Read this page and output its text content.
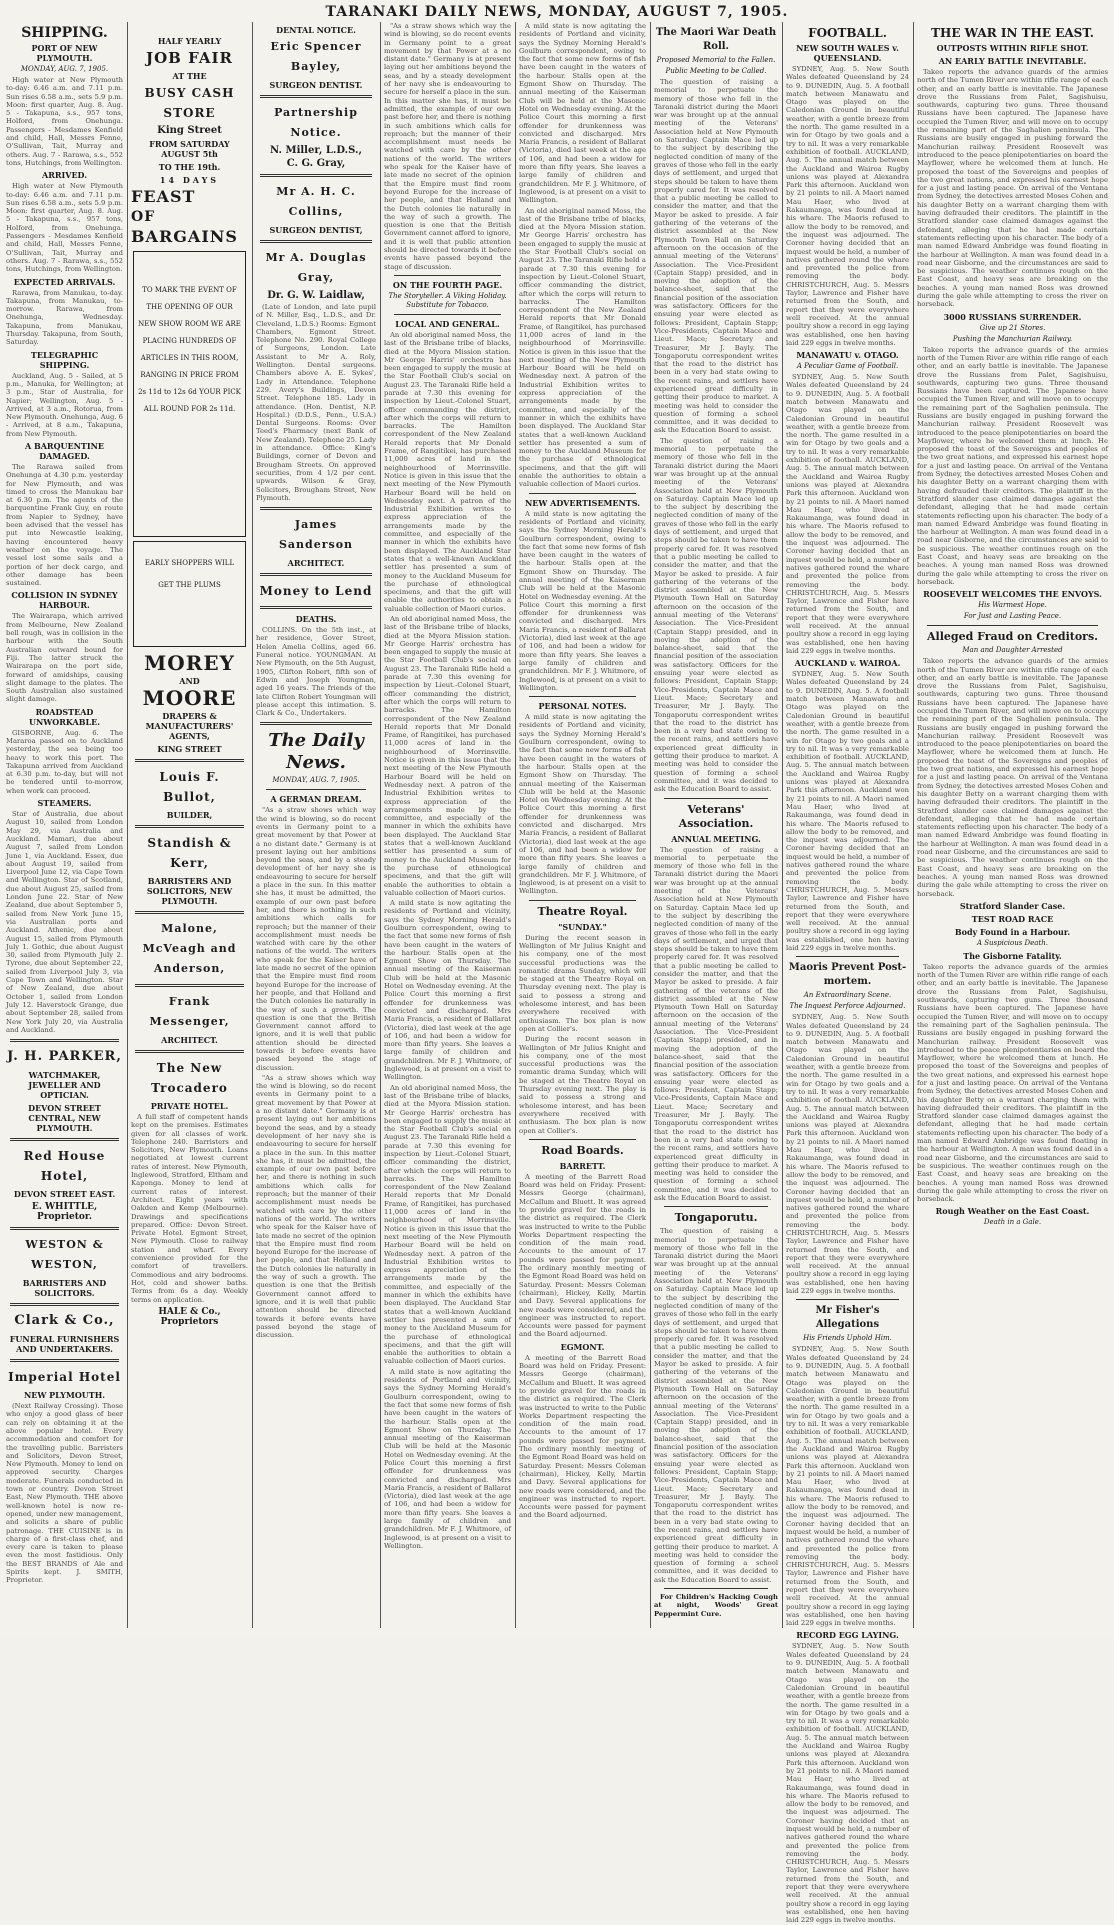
TARANAKI DAILY NEWS, MONDAY, AUGUST 7, 1905.
SHIPPING.
PORT OF NEW PLYMOUTH.
MONDAY, AUG. 7, 1905.
High water at New Plymouth to-day: 6.46 a.m. and 7.11 p.m. Sun rises 6.58 a.m., sets 5.9 p.m. Moon: first quarter, Aug. 8. Aug. 5 - Takapuna, s.s., 957 tons, Holford, from Onehunga. Passengers - Mesdames Kenfield and child, Hall, Messrs Fenne, O'Sullivan, Tait, Murray and others. Aug. 7 - Rarawa, s.s., 552 tons, Hutchings, from Wellington.
ARRIVED.
High water at New Plymouth to-day: 6.46 a.m. and 7.11 p.m. Sun rises 6.58 a.m., sets 5.9 p.m. Moon: first quarter, Aug. 8. Aug. 5 - Takapuna, s.s., 957 tons, Holford, from Onehunga. Passengers - Mesdames Kenfield and child, Hall, Messrs Fenne, O'Sullivan, Tait, Murray and others. Aug. 7 - Rarawa, s.s., 552 tons, Hutchings, from Wellington.
EXPECTED ARRIVALS.
Rarawa, from Manukau, to-day. Takapuna, from Manukau, to-morrow. Rarawa, from Onehunga, Wednesday. Takapuna, from Manukau, Thursday. Takapuna, from South, Saturday.
TELEGRAPHIC SHIPPING.
Auckland, Aug. 5 - Sailed, at 5 p.m., Manuka, for Wellington; at 3 p.m., Star of Australia, for Napier; Wellington, Aug. 5 - Arrived, at 3 a.m., Rotorua, from New Plymouth. Onehunga, Aug. 6 - Arrived, at 8 a.m., Takapuna, from New Plymouth.
A BARQUENTINE DAMAGED.
The Rarawa sailed from Onehunga at 4.30 p.m. yesterday for New Plymouth, and was timed to cross the Manukau bar at 6.30 p.m. The agents of the barquentine Frank Guy, en route from Napier to Sydney, have been advised that the vessel has put into Newcastle leaking, having encountered heavy weather on the voyage. The vessel lost some sails and a portion of her deck cargo, and other damage has been sustained.
COLLISION IN SYDNEY HARBOUR.
The Wairarapa, which arrived from Melbourne, New Zealand bell rough, was in collision in the harbour with the South Australian outward bound for Fiji. The latter struck the Wairarapa on the port side, forward of amidships, causing slight damage to the plates. The South Australian also sustained slight damage.
ROADSTEAD UNWORKABLE.
GISBORNE, Aug. 6. The Mararoa passed on to Auckland yesterday, the sea being too heavy to work this port. The Takapuna arrived from Auckland at 6.30 p.m. to-day, but will not be tendered until to-morrow, when work can proceed.
STEAMERS.
Star of Australia, due about August 10, sailed from London May 29, via Australia and Auckland. Mamari, due about August 7, sailed from London June 1, via Auckland. Essex, due about August 19, sailed from Liverpool June 12, via Cape Town and Wellington. Star of Scotland, due about August 25, sailed from London June 22. Star of New Zealand, due about September 5, sailed from New York June 15, via Australian ports and Auckland. Athenic, due about August 15, sailed from Plymouth July 1. Gothic, due about August 30, sailed from Plymouth July 2. Tyrone, due about September 22, sailed from Liverpool July 3, via Cape Town and Wellington. Star of New Zealand, due about October 1, sailed from London July 12. Haverstock Grange, due about September 28, sailed from New York July 20, via Australia and Auckland.
J. H. PARKER,
WATCHMAKER, JEWELLER AND OPTICIAN.
DEVON STREET CENTRAL, NEW PLYMOUTH.
Red House Hotel,
DEVON STREET EAST.
E. WHITTLE, Proprietor.
WESTON & WESTON,
BARRISTERS AND SOLICITORS.
Clark & Co.,
FUNERAL FURNISHERS AND UNDERTAKERS.
Imperial Hotel
NEW PLYMOUTH.
(Next Railway Crossing). Those who enjoy a good glass of beer can rely on obtaining it at the above popular hotel. Every accommodation and comfort for the travelling public. Barristers and Solicitors, Devon Street, New Plymouth. Money to lend on approved security. Charges moderate. Funerals conducted in town or country. Devon Street East, New Plymouth. THE above well-known hotel is now re-opened, under new management, and solicits a share of public patronage. THE CUISINE is in charge of a first-class chef, and every care is taken to please even the most fastidious. Only the BEST BRANDS of Ale and Spirits kept. J. SMITH, Proprietor.
HALF YEARLY
JOB FAIR
AT THE
BUSY CASH STORE
King Street
FROM SATURDAY AUGUST 5th
TO THE 19th.
14 DAYS
FEAST
OF
BARGAINS
TO MARK THE EVENT OF THE OPENING OF OUR NEW SHOW ROOM WE ARE PLACING HUNDREDS OF ARTICLES IN THIS ROOM, RANGING IN PRICE FROM 2s 11d to 12s 6d YOUR PICK ALL ROUND FOR 2s 11d.
EARLY SHOPPERS WILL GET THE PLUMS
MOREY
AND
MOORE
DRAPERS & MANUFACTURERS' AGENTS,
KING STREET
Louis F. Bullot,
BUILDER,
Standish & Kerr,
BARRISTERS AND SOLICITORS, NEW PLYMOUTH.
Malone, McVeagh and Anderson,
Frank Messenger,
ARCHITECT.
The New Trocadero
PRIVATE HOTEL.
A full staff of competent hands kept on the premises. Estimates given for all classes of work. Telephone 240. Barristers and Solicitors, New Plymouth. Loans negotiated at lowest current rates of interest. New Plymouth, Inglewood, Stratford, Eltham and Kaponga. Money to lend at current rates of interest. Architect. Eight years with Oakden and Kemp (Melbourne). Drawings and specifications prepared. Office: Devon Street. Private Hotel. Egmont Street, New Plymouth. Close to railway station and wharf. Every convenience provided for the comfort of travellers. Commodious and airy bedrooms. Hot, cold and shower baths. Terms from 6s a day. Weekly terms on application.
HALE & Co., Proprietors
DENTAL NOTICE.
Eric Spencer Bayley,
SURGEON DENTIST.
Partnership Notice.
N. Miller, L.D.S.,
C. G. Gray,
Mr A. H. C. Collins,
SURGEON DENTIST,
Mr A. Douglas Gray,
Dr. G. W. Laidlaw,
(Late of London, and late pupil of N. Miller, Esq., L.D.S., and Dr. Cleveland, L.D.S.) Rooms: Egmont Chambers, Egmont Street. Telephone No. 290. Royal College of Surgeons, London. Late Assistant to Mr A. Roly, Wellington. Dental surgeons. Chambers above A. E. Sykes', Lady in Attendance. Telephone 229. Avery's Buildings, Devon Street. Telephone 185. Lady in attendance. (Hon. Dentist, N.P. Hospital.) (D.D.S., Penn., U.S.A.) Dental Surgeons. Rooms: Over Teed's Pharmacy (next Bank of New Zealand). Telephone 25. Lady in attendance. Office: King's Buildings, corner of Devon and Brougham Streets. On approved securities, from 4 1/2 per cent. upwards. Wilson & Gray, Solicitors, Brougham Street, New Plymouth.
James Sanderson
ARCHITECT.
Money to Lend
DEATHS.
COLLINS. On the 5th inst., at her residence, Gover Street, Helen Amelia Collins, aged 66. Funeral notice. YOUNGMAN. At New Plymouth, on the 5th August, 1905, Clifton Robert, fifth son of Edwin and Joseph Youngman, aged 16 years. The friends of the late Clifton Robert Youngman will please accept this intimation. S. Clark & Co., Undertakers.
The Daily News.
MONDAY, AUG. 7, 1905.
A GERMAN DREAM.
"As a straw shows which way the wind is blowing, so do recent events in Germany point to a great movement by that Power at a no distant date." Germany is at present laying out her ambitions beyond the seas, and by a steady development of her navy she is endeavouring to secure for herself a place in the sun. In this matter she has, it must be admitted, the example of our own past before her, and there is nothing in such ambitions which calls for reproach; but the manner of their accomplishment must needs be watched with care by the other nations of the world. The writers who speak for the Kaiser have of late made no secret of the opinion that the Empire must find room beyond Europe for the increase of her people, and that Holland and the Dutch colonies lie naturally in the way of such a growth. The question is one that the British Government cannot afford to ignore, and it is well that public attention should be directed towards it before events have passed beyond the stage of discussion.
"As a straw shows which way the wind is blowing, so do recent events in Germany point to a great movement by that Power at a no distant date." Germany is at present laying out her ambitions beyond the seas, and by a steady development of her navy she is endeavouring to secure for herself a place in the sun. In this matter she has, it must be admitted, the example of our own past before her, and there is nothing in such ambitions which calls for reproach; but the manner of their accomplishment must needs be watched with care by the other nations of the world. The writers who speak for the Kaiser have of late made no secret of the opinion that the Empire must find room beyond Europe for the increase of her people, and that Holland and the Dutch colonies lie naturally in the way of such a growth. The question is one that the British Government cannot afford to ignore, and it is well that public attention should be directed towards it before events have passed beyond the stage of discussion.
"As a straw shows which way the wind is blowing, so do recent events in Germany point to a great movement by that Power at a no distant date." Germany is at present laying out her ambitions beyond the seas, and by a steady development of her navy she is endeavouring to secure for herself a place in the sun. In this matter she has, it must be admitted, the example of our own past before her, and there is nothing in such ambitions which calls for reproach; but the manner of their accomplishment must needs be watched with care by the other nations of the world. The writers who speak for the Kaiser have of late made no secret of the opinion that the Empire must find room beyond Europe for the increase of her people, and that Holland and the Dutch colonies lie naturally in the way of such a growth. The question is one that the British Government cannot afford to ignore, and it is well that public attention should be directed towards it before events have passed beyond the stage of discussion.
ON THE FOURTH PAGE.
The Storyteller. A Viking Holiday. Substitute for Tobacco.
LOCAL AND GENERAL.
An old aboriginal named Moss, the last of the Brisbane tribe of blacks, died at the Myora Mission station. Mr George Harris' orchestra has been engaged to supply the music at the Star Football Club's social on August 23. The Taranaki Rifle held a parade at 7.30 this evening for inspection by Lieut.-Colonel Stuart, officer commanding the district, after which the corps will return to barracks. The Hamilton correspondent of the New Zealand Herald reports that Mr Donald Frame, of Rangitikei, has purchased 11,000 acres of land in the neighbourhood of Morrinsville. Notice is given in this issue that the next meeting of the New Plymouth Harbour Board will be held on Wednesday next. A patron of the Industrial Exhibition writes to express appreciation of the arrangements made by the committee, and especially of the manner in which the exhibits have been displayed. The Auckland Star states that a well-known Auckland settler has presented a sum of money to the Auckland Museum for the purchase of ethnological specimens, and that the gift will enable the authorities to obtain a valuable collection of Maori curios.
An old aboriginal named Moss, the last of the Brisbane tribe of blacks, died at the Myora Mission station. Mr George Harris' orchestra has been engaged to supply the music at the Star Football Club's social on August 23. The Taranaki Rifle held a parade at 7.30 this evening for inspection by Lieut.-Colonel Stuart, officer commanding the district, after which the corps will return to barracks. The Hamilton correspondent of the New Zealand Herald reports that Mr Donald Frame, of Rangitikei, has purchased 11,000 acres of land in the neighbourhood of Morrinsville. Notice is given in this issue that the next meeting of the New Plymouth Harbour Board will be held on Wednesday next. A patron of the Industrial Exhibition writes to express appreciation of the arrangements made by the committee, and especially of the manner in which the exhibits have been displayed. The Auckland Star states that a well-known Auckland settler has presented a sum of money to the Auckland Museum for the purchase of ethnological specimens, and that the gift will enable the authorities to obtain a valuable collection of Maori curios.
A mild state is now agitating the residents of Portland and vicinity, says the Sydney Morning Herald's Goulburn correspondent, owing to the fact that some new forms of fish have been caught in the waters of the harbour. Stalls open at the Egmont Show on Thursday. The annual meeting of the Kaiserman Club will be held at the Masonic Hotel on Wednesday evening. At the Police Court this morning a first offender for drunkenness was convicted and discharged. Mrs Maria Francis, a resident of Ballarat (Victoria), died last week at the age of 106, and had been a widow for more than fifty years. She leaves a large family of children and grandchildren. Mr F. J. Whitmore, of Inglewood, is at present on a visit to Wellington.
An old aboriginal named Moss, the last of the Brisbane tribe of blacks, died at the Myora Mission station. Mr George Harris' orchestra has been engaged to supply the music at the Star Football Club's social on August 23. The Taranaki Rifle held a parade at 7.30 this evening for inspection by Lieut.-Colonel Stuart, officer commanding the district, after which the corps will return to barracks. The Hamilton correspondent of the New Zealand Herald reports that Mr Donald Frame, of Rangitikei, has purchased 11,000 acres of land in the neighbourhood of Morrinsville. Notice is given in this issue that the next meeting of the New Plymouth Harbour Board will be held on Wednesday next. A patron of the Industrial Exhibition writes to express appreciation of the arrangements made by the committee, and especially of the manner in which the exhibits have been displayed. The Auckland Star states that a well-known Auckland settler has presented a sum of money to the Auckland Museum for the purchase of ethnological specimens, and that the gift will enable the authorities to obtain a valuable collection of Maori curios.
A mild state is now agitating the residents of Portland and vicinity, says the Sydney Morning Herald's Goulburn correspondent, owing to the fact that some new forms of fish have been caught in the waters of the harbour. Stalls open at the Egmont Show on Thursday. The annual meeting of the Kaiserman Club will be held at the Masonic Hotel on Wednesday evening. At the Police Court this morning a first offender for drunkenness was convicted and discharged. Mrs Maria Francis, a resident of Ballarat (Victoria), died last week at the age of 106, and had been a widow for more than fifty years. She leaves a large family of children and grandchildren. Mr F. J. Whitmore, of Inglewood, is at present on a visit to Wellington.
A mild state is now agitating the residents of Portland and vicinity, says the Sydney Morning Herald's Goulburn correspondent, owing to the fact that some new forms of fish have been caught in the waters of the harbour. Stalls open at the Egmont Show on Thursday. The annual meeting of the Kaiserman Club will be held at the Masonic Hotel on Wednesday evening. At the Police Court this morning a first offender for drunkenness was convicted and discharged. Mrs Maria Francis, a resident of Ballarat (Victoria), died last week at the age of 106, and had been a widow for more than fifty years. She leaves a large family of children and grandchildren. Mr F. J. Whitmore, of Inglewood, is at present on a visit to Wellington.
An old aboriginal named Moss, the last of the Brisbane tribe of blacks, died at the Myora Mission station. Mr George Harris' orchestra has been engaged to supply the music at the Star Football Club's social on August 23. The Taranaki Rifle held a parade at 7.30 this evening for inspection by Lieut.-Colonel Stuart, officer commanding the district, after which the corps will return to barracks. The Hamilton correspondent of the New Zealand Herald reports that Mr Donald Frame, of Rangitikei, has purchased 11,000 acres of land in the neighbourhood of Morrinsville. Notice is given in this issue that the next meeting of the New Plymouth Harbour Board will be held on Wednesday next. A patron of the Industrial Exhibition writes to express appreciation of the arrangements made by the committee, and especially of the manner in which the exhibits have been displayed. The Auckland Star states that a well-known Auckland settler has presented a sum of money to the Auckland Museum for the purchase of ethnological specimens, and that the gift will enable the authorities to obtain a valuable collection of Maori curios.
NEW ADVERTISEMENTS.
A mild state is now agitating the residents of Portland and vicinity, says the Sydney Morning Herald's Goulburn correspondent, owing to the fact that some new forms of fish have been caught in the waters of the harbour. Stalls open at the Egmont Show on Thursday. The annual meeting of the Kaiserman Club will be held at the Masonic Hotel on Wednesday evening. At the Police Court this morning a first offender for drunkenness was convicted and discharged. Mrs Maria Francis, a resident of Ballarat (Victoria), died last week at the age of 106, and had been a widow for more than fifty years. She leaves a large family of children and grandchildren. Mr F. J. Whitmore, of Inglewood, is at present on a visit to Wellington.
PERSONAL NOTES.
A mild state is now agitating the residents of Portland and vicinity, says the Sydney Morning Herald's Goulburn correspondent, owing to the fact that some new forms of fish have been caught in the waters of the harbour. Stalls open at the Egmont Show on Thursday. The annual meeting of the Kaiserman Club will be held at the Masonic Hotel on Wednesday evening. At the Police Court this morning a first offender for drunkenness was convicted and discharged. Mrs Maria Francis, a resident of Ballarat (Victoria), died last week at the age of 106, and had been a widow for more than fifty years. She leaves a large family of children and grandchildren. Mr F. J. Whitmore, of Inglewood, is at present on a visit to Wellington.
Theatre Royal.
"SUNDAY."
During the recent season in Wellington of Mr Julius Knight and his company, one of the most successful productions was the romantic drama Sunday, which will be staged at the Theatre Royal on Thursday evening next. The play is said to possess a strong and wholesome interest, and has been everywhere received with enthusiasm. The box plan is now open at Collier's.
During the recent season in Wellington of Mr Julius Knight and his company, one of the most successful productions was the romantic drama Sunday, which will be staged at the Theatre Royal on Thursday evening next. The play is said to possess a strong and wholesome interest, and has been everywhere received with enthusiasm. The box plan is now open at Collier's.
Road Boards.
BARRETT.
A meeting of the Barrett Road Board was held on Friday. Present: Messrs George (chairman), McCallum and Bluett. It was agreed to provide gravel for the roads in the district as required. The Clerk was instructed to write to the Public Works Department respecting the condition of the main road. Accounts to the amount of 17 pounds were passed for payment. The ordinary monthly meeting of the Egmont Road Board was held on Saturday. Present: Messrs Coleman (chairman), Hickey, Kelly, Martin and Davy. Several applications for new roads were considered, and the engineer was instructed to report. Accounts were passed for payment and the Board adjourned.
EGMONT.
A meeting of the Barrett Road Board was held on Friday. Present: Messrs George (chairman), McCallum and Bluett. It was agreed to provide gravel for the roads in the district as required. The Clerk was instructed to write to the Public Works Department respecting the condition of the main road. Accounts to the amount of 17 pounds were passed for payment. The ordinary monthly meeting of the Egmont Road Board was held on Saturday. Present: Messrs Coleman (chairman), Hickey, Kelly, Martin and Davy. Several applications for new roads were considered, and the engineer was instructed to report. Accounts were passed for payment and the Board adjourned.
The Maori War Death Roll.
Proposed Memorial to the Fallen.
Public Meeting to be Called.
The question of raising a memorial to perpetuate the memory of those who fell in the Taranaki district during the Maori war was brought up at the annual meeting of the Veterans' Association held at New Plymouth on Saturday. Captain Mace led up to the subject by describing the neglected condition of many of the graves of those who fell in the early days of settlement, and urged that steps should be taken to have them properly cared for. It was resolved that a public meeting be called to consider the matter, and that the Mayor be asked to preside. A fair gathering of the veterans of the district assembled at the New Plymouth Town Hall on Saturday afternoon on the occasion of the annual meeting of the Veterans' Association. The Vice-President (Captain Stapp) presided, and in moving the adoption of the balance-sheet, said that the financial position of the association was satisfactory. Officers for the ensuing year were elected as follows: President, Captain Stapp; Vice-Presidents, Captain Mace and Lieut. Mace; Secretary and Treasurer, Mr J. Bayly. The Tongaporutu correspondent writes that the road to the district has been in a very bad state owing to the recent rains, and settlers have experienced great difficulty in getting their produce to market. A meeting was held to consider the question of forming a school committee, and it was decided to ask the Education Board to assist.
The question of raising a memorial to perpetuate the memory of those who fell in the Taranaki district during the Maori war was brought up at the annual meeting of the Veterans' Association held at New Plymouth on Saturday. Captain Mace led up to the subject by describing the neglected condition of many of the graves of those who fell in the early days of settlement, and urged that steps should be taken to have them properly cared for. It was resolved that a public meeting be called to consider the matter, and that the Mayor be asked to preside. A fair gathering of the veterans of the district assembled at the New Plymouth Town Hall on Saturday afternoon on the occasion of the annual meeting of the Veterans' Association. The Vice-President (Captain Stapp) presided, and in moving the adoption of the balance-sheet, said that the financial position of the association was satisfactory. Officers for the ensuing year were elected as follows: President, Captain Stapp; Vice-Presidents, Captain Mace and Lieut. Mace; Secretary and Treasurer, Mr J. Bayly. The Tongaporutu correspondent writes that the road to the district has been in a very bad state owing to the recent rains, and settlers have experienced great difficulty in getting their produce to market. A meeting was held to consider the question of forming a school committee, and it was decided to ask the Education Board to assist.
Veterans' Association.
ANNUAL MEETING.
The question of raising a memorial to perpetuate the memory of those who fell in the Taranaki district during the Maori war was brought up at the annual meeting of the Veterans' Association held at New Plymouth on Saturday. Captain Mace led up to the subject by describing the neglected condition of many of the graves of those who fell in the early days of settlement, and urged that steps should be taken to have them properly cared for. It was resolved that a public meeting be called to consider the matter, and that the Mayor be asked to preside. A fair gathering of the veterans of the district assembled at the New Plymouth Town Hall on Saturday afternoon on the occasion of the annual meeting of the Veterans' Association. The Vice-President (Captain Stapp) presided, and in moving the adoption of the balance-sheet, said that the financial position of the association was satisfactory. Officers for the ensuing year were elected as follows: President, Captain Stapp; Vice-Presidents, Captain Mace and Lieut. Mace; Secretary and Treasurer, Mr J. Bayly. The Tongaporutu correspondent writes that the road to the district has been in a very bad state owing to the recent rains, and settlers have experienced great difficulty in getting their produce to market. A meeting was held to consider the question of forming a school committee, and it was decided to ask the Education Board to assist.
Tongaporutu.
The question of raising a memorial to perpetuate the memory of those who fell in the Taranaki district during the Maori war was brought up at the annual meeting of the Veterans' Association held at New Plymouth on Saturday. Captain Mace led up to the subject by describing the neglected condition of many of the graves of those who fell in the early days of settlement, and urged that steps should be taken to have them properly cared for. It was resolved that a public meeting be called to consider the matter, and that the Mayor be asked to preside. A fair gathering of the veterans of the district assembled at the New Plymouth Town Hall on Saturday afternoon on the occasion of the annual meeting of the Veterans' Association. The Vice-President (Captain Stapp) presided, and in moving the adoption of the balance-sheet, said that the financial position of the association was satisfactory. Officers for the ensuing year were elected as follows: President, Captain Stapp; Vice-Presidents, Captain Mace and Lieut. Mace; Secretary and Treasurer, Mr J. Bayly. The Tongaporutu correspondent writes that the road to the district has been in a very bad state owing to the recent rains, and settlers have experienced great difficulty in getting their produce to market. A meeting was held to consider the question of forming a school committee, and it was decided to ask the Education Board to assist.
For Children's Hacking Cough at night, Woods' Great Peppermint Cure.
FOOTBALL.
NEW SOUTH WALES v. QUEENSLAND.
SYDNEY, Aug. 5. New South Wales defeated Queensland by 24 to 9. DUNEDIN, Aug. 5. A football match between Manawatu and Otago was played on the Caledonian Ground in beautiful weather, with a gentle breeze from the north. The game resulted in a win for Otago by two goals and a try to nil. It was a very remarkable exhibition of football. AUCKLAND, Aug. 5. The annual match between the Auckland and Wairoa Rugby unions was played at Alexandra Park this afternoon. Auckland won by 21 points to nil. A Maori named Mau Haer, who lived at Rakaumanga, was found dead in his whare. The Maoris refused to allow the body to be removed, and the inquest was adjourned. The Coroner having decided that an inquest would be held, a number of natives gathered round the whare and prevented the police from removing the body. CHRISTCHURCH, Aug. 5. Messrs Taylor, Lawrence and Fisher have returned from the South, and report that they were everywhere well received. At the annual poultry show a record in egg laying was established, one hen having laid 229 eggs in twelve months.
MANAWATU v. OTAGO.
A Peculiar Game of Football.
SYDNEY, Aug. 5. New South Wales defeated Queensland by 24 to 9. DUNEDIN, Aug. 5. A football match between Manawatu and Otago was played on the Caledonian Ground in beautiful weather, with a gentle breeze from the north. The game resulted in a win for Otago by two goals and a try to nil. It was a very remarkable exhibition of football. AUCKLAND, Aug. 5. The annual match between the Auckland and Wairoa Rugby unions was played at Alexandra Park this afternoon. Auckland won by 21 points to nil. A Maori named Mau Haer, who lived at Rakaumanga, was found dead in his whare. The Maoris refused to allow the body to be removed, and the inquest was adjourned. The Coroner having decided that an inquest would be held, a number of natives gathered round the whare and prevented the police from removing the body. CHRISTCHURCH, Aug. 5. Messrs Taylor, Lawrence and Fisher have returned from the South, and report that they were everywhere well received. At the annual poultry show a record in egg laying was established, one hen having laid 229 eggs in twelve months.
AUCKLAND v. WAIROA.
SYDNEY, Aug. 5. New South Wales defeated Queensland by 24 to 9. DUNEDIN, Aug. 5. A football match between Manawatu and Otago was played on the Caledonian Ground in beautiful weather, with a gentle breeze from the north. The game resulted in a win for Otago by two goals and a try to nil. It was a very remarkable exhibition of football. AUCKLAND, Aug. 5. The annual match between the Auckland and Wairoa Rugby unions was played at Alexandra Park this afternoon. Auckland won by 21 points to nil. A Maori named Mau Haer, who lived at Rakaumanga, was found dead in his whare. The Maoris refused to allow the body to be removed, and the inquest was adjourned. The Coroner having decided that an inquest would be held, a number of natives gathered round the whare and prevented the police from removing the body. CHRISTCHURCH, Aug. 5. Messrs Taylor, Lawrence and Fisher have returned from the South, and report that they were everywhere well received. At the annual poultry show a record in egg laying was established, one hen having laid 229 eggs in twelve months.
Maoris Prevent Post-mortem.
An Extraordinary Scene.
The Inquest Perforce Adjourned.
SYDNEY, Aug. 5. New South Wales defeated Queensland by 24 to 9. DUNEDIN, Aug. 5. A football match between Manawatu and Otago was played on the Caledonian Ground in beautiful weather, with a gentle breeze from the north. The game resulted in a win for Otago by two goals and a try to nil. It was a very remarkable exhibition of football. AUCKLAND, Aug. 5. The annual match between the Auckland and Wairoa Rugby unions was played at Alexandra Park this afternoon. Auckland won by 21 points to nil. A Maori named Mau Haer, who lived at Rakaumanga, was found dead in his whare. The Maoris refused to allow the body to be removed, and the inquest was adjourned. The Coroner having decided that an inquest would be held, a number of natives gathered round the whare and prevented the police from removing the body. CHRISTCHURCH, Aug. 5. Messrs Taylor, Lawrence and Fisher have returned from the South, and report that they were everywhere well received. At the annual poultry show a record in egg laying was established, one hen having laid 229 eggs in twelve months.
Mr Fisher's Allegations
His Friends Uphold Him.
SYDNEY, Aug. 5. New South Wales defeated Queensland by 24 to 9. DUNEDIN, Aug. 5. A football match between Manawatu and Otago was played on the Caledonian Ground in beautiful weather, with a gentle breeze from the north. The game resulted in a win for Otago by two goals and a try to nil. It was a very remarkable exhibition of football. AUCKLAND, Aug. 5. The annual match between the Auckland and Wairoa Rugby unions was played at Alexandra Park this afternoon. Auckland won by 21 points to nil. A Maori named Mau Haer, who lived at Rakaumanga, was found dead in his whare. The Maoris refused to allow the body to be removed, and the inquest was adjourned. The Coroner having decided that an inquest would be held, a number of natives gathered round the whare and prevented the police from removing the body. CHRISTCHURCH, Aug. 5. Messrs Taylor, Lawrence and Fisher have returned from the South, and report that they were everywhere well received. At the annual poultry show a record in egg laying was established, one hen having laid 229 eggs in twelve months.
RECORD EGG LAYING.
SYDNEY, Aug. 5. New South Wales defeated Queensland by 24 to 9. DUNEDIN, Aug. 5. A football match between Manawatu and Otago was played on the Caledonian Ground in beautiful weather, with a gentle breeze from the north. The game resulted in a win for Otago by two goals and a try to nil. It was a very remarkable exhibition of football. AUCKLAND, Aug. 5. The annual match between the Auckland and Wairoa Rugby unions was played at Alexandra Park this afternoon. Auckland won by 21 points to nil. A Maori named Mau Haer, who lived at Rakaumanga, was found dead in his whare. The Maoris refused to allow the body to be removed, and the inquest was adjourned. The Coroner having decided that an inquest would be held, a number of natives gathered round the whare and prevented the police from removing the body. CHRISTCHURCH, Aug. 5. Messrs Taylor, Lawrence and Fisher have returned from the South, and report that they were everywhere well received. At the annual poultry show a record in egg laying was established, one hen having laid 229 eggs in twelve months.
THE WAR IN THE EAST.
OUTPOSTS WITHIN RIFLE SHOT.
AN EARLY BATTLE INEVITABLE.
Takeo reports the advance guards of the armies north of the Tumen River are within rifle range of each other, and an early battle is inevitable. The Japanese drove the Russians from Palet, Sagishuisu, southwards, capturing two guns. Three thousand Russians have been captured. The Japanese have occupied the Tumen River, and will move on to occupy the remaining part of the Saghalien peninsula. The Russians are busily engaged in pushing forward the Manchurian railway. President Roosevelt was introduced to the peace plenipotentiaries on board the Mayflower, where he welcomed them at lunch. He proposed the toast of the Sovereigns and peoples of the two great nations, and expressed his earnest hope for a just and lasting peace. On arrival of the Ventana from Sydney, the detectives arrested Moses Cohen and his daughter Betty on a warrant charging them with having defrauded their creditors. The plaintiff in the Stratford slander case claimed damages against the defendant, alleging that he had made certain statements reflecting upon his character. The body of a man named Edward Ambridge was found floating in the harbour at Wellington. A man was found dead in a road near Gisborne, and the circumstances are said to be suspicious. The weather continues rough on the East Coast, and heavy seas are breaking on the beaches. A young man named Ross was drowned during the gale while attempting to cross the river on horseback.
3000 RUSSIANS SURRENDER.
Give up 21 Stores.
Pushing the Manchurian Railway.
Takeo reports the advance guards of the armies north of the Tumen River are within rifle range of each other, and an early battle is inevitable. The Japanese drove the Russians from Palet, Sagishuisu, southwards, capturing two guns. Three thousand Russians have been captured. The Japanese have occupied the Tumen River, and will move on to occupy the remaining part of the Saghalien peninsula. The Russians are busily engaged in pushing forward the Manchurian railway. President Roosevelt was introduced to the peace plenipotentiaries on board the Mayflower, where he welcomed them at lunch. He proposed the toast of the Sovereigns and peoples of the two great nations, and expressed his earnest hope for a just and lasting peace. On arrival of the Ventana from Sydney, the detectives arrested Moses Cohen and his daughter Betty on a warrant charging them with having defrauded their creditors. The plaintiff in the Stratford slander case claimed damages against the defendant, alleging that he had made certain statements reflecting upon his character. The body of a man named Edward Ambridge was found floating in the harbour at Wellington. A man was found dead in a road near Gisborne, and the circumstances are said to be suspicious. The weather continues rough on the East Coast, and heavy seas are breaking on the beaches. A young man named Ross was drowned during the gale while attempting to cross the river on horseback.
ROOSEVELT WELCOMES THE ENVOYS.
His Warmest Hope.
For Just and Lasting Peace.
Alleged Fraud on Creditors.
Man and Daughter Arrested
Takeo reports the advance guards of the armies north of the Tumen River are within rifle range of each other, and an early battle is inevitable. The Japanese drove the Russians from Palet, Sagishuisu, southwards, capturing two guns. Three thousand Russians have been captured. The Japanese have occupied the Tumen River, and will move on to occupy the remaining part of the Saghalien peninsula. The Russians are busily engaged in pushing forward the Manchurian railway. President Roosevelt was introduced to the peace plenipotentiaries on board the Mayflower, where he welcomed them at lunch. He proposed the toast of the Sovereigns and peoples of the two great nations, and expressed his earnest hope for a just and lasting peace. On arrival of the Ventana from Sydney, the detectives arrested Moses Cohen and his daughter Betty on a warrant charging them with having defrauded their creditors. The plaintiff in the Stratford slander case claimed damages against the defendant, alleging that he had made certain statements reflecting upon his character. The body of a man named Edward Ambridge was found floating in the harbour at Wellington. A man was found dead in a road near Gisborne, and the circumstances are said to be suspicious. The weather continues rough on the East Coast, and heavy seas are breaking on the beaches. A young man named Ross was drowned during the gale while attempting to cross the river on horseback.
Stratford Slander Case.
TEST ROAD RACE
Body Found in a Harbour.
A Suspicious Death.
The Gisborne Fatality.
Takeo reports the advance guards of the armies north of the Tumen River are within rifle range of each other, and an early battle is inevitable. The Japanese drove the Russians from Palet, Sagishuisu, southwards, capturing two guns. Three thousand Russians have been captured. The Japanese have occupied the Tumen River, and will move on to occupy the remaining part of the Saghalien peninsula. The Russians are busily engaged in pushing forward the Manchurian railway. President Roosevelt was introduced to the peace plenipotentiaries on board the Mayflower, where he welcomed them at lunch. He proposed the toast of the Sovereigns and peoples of the two great nations, and expressed his earnest hope for a just and lasting peace. On arrival of the Ventana from Sydney, the detectives arrested Moses Cohen and his daughter Betty on a warrant charging them with having defrauded their creditors. The plaintiff in the Stratford slander case claimed damages against the defendant, alleging that he had made certain statements reflecting upon his character. The body of a man named Edward Ambridge was found floating in the harbour at Wellington. A man was found dead in a road near Gisborne, and the circumstances are said to be suspicious. The weather continues rough on the East Coast, and heavy seas are breaking on the beaches. A young man named Ross was drowned during the gale while attempting to cross the river on horseback.
Rough Weather on the East Coast.
Death in a Gale.
